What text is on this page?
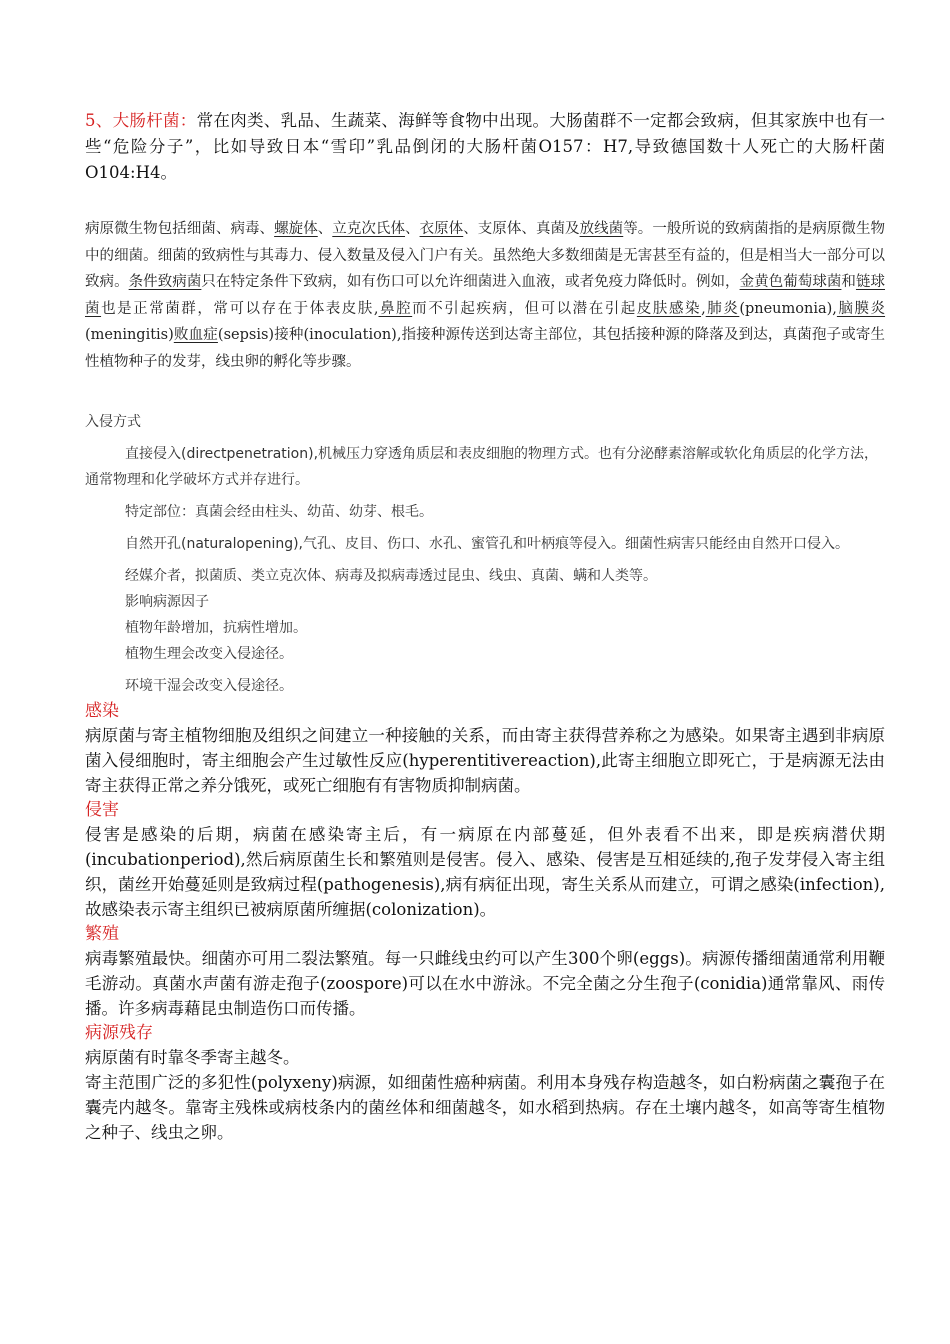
5、大肠杆菌：常在肉类、乳品、生蔬菜、海鲜等食物中出现。大肠菌群不一定都会致病，但其家族中也有一些“危险分子”，比如导致日本“雪印”乳品倒闭的大肠杆菌O157：H7,导致德国数十人死亡的大肠杆菌O104:H4。

病原微生物包括细菌、病毒、螺旋体、立克次氏体、衣原体、支原体、真菌及放线菌等。一般所说的致病菌指的是病原微生物中的细菌。细菌的致病性与其毒力、侵入数量及侵入门户有关。虽然绝大多数细菌是无害甚至有益的，但是相当大一部分可以致病。条件致病菌只在特定条件下致病，如有伤口可以允许细菌进入血液，或者免疫力降低时。例如，金黄色葡萄球菌和链球菌也是正常菌群，常可以存在于体表皮肤,鼻腔而不引起疾病，但可以潜在引起皮肤感染,肺炎(pneumonia),脑膜炎(meningitis)败血症(sepsis)接种(inoculation),指接种源传送到达寄主部位，其包括接种源的降落及到达，真菌孢子或寄生性植物种子的发芽，线虫卵的孵化等步骤。

入侵方式

直接侵入(directpenetration),机械压力穿透角质层和表皮细胞的物理方式。也有分泌酵素溶解或软化角质层的化学方法，通常物理和化学破坏方式并存进行。

特定部位：真菌会经由柱头、幼苗、幼芽、根毛。

自然开孔(naturalopening),气孔、皮目、伤口、水孔、蜜管孔和叶柄痕等侵入。细菌性病害只能经由自然开口侵入。

经媒介者，拟菌质、类立克次体、病毒及拟病毒透过昆虫、线虫、真菌、螨和人类等。

影响病源因子

植物年龄增加，抗病性增加。

植物生理会改变入侵途径。

环境干湿会改变入侵途径。

感染

病原菌与寄主植物细胞及组织之间建立一种接触的关系，而由寄主获得营养称之为感染。如果寄主遇到非病原菌入侵细胞时，寄主细胞会产生过敏性反应(hyperentitivereaction),此寄主细胞立即死亡，于是病源无法由寄主获得正常之养分饿死，或死亡细胞有有害物质抑制病菌。

侵害

侵害是感染的后期，病菌在感染寄主后，有一病原在内部蔓延，但外表看不出来，即是疾病潜伏期(incubationperiod),然后病原菌生长和繁殖则是侵害。侵入、感染、侵害是互相延续的,孢子发芽侵入寄主组织，菌丝开始蔓延则是致病过程(pathogenesis),病有病征出现，寄生关系从而建立，可谓之感染(infection),故感染表示寄主组织已被病原菌所缠据(colonization)。

繁殖

病毒繁殖最快。细菌亦可用二裂法繁殖。每一只雌线虫约可以产生300个卵(eggs)。病源传播细菌通常利用鞭毛游动。真菌水声菌有游走孢子(zoospore)可以在水中游泳。不完全菌之分生孢子(conidia)通常靠风、雨传播。许多病毒藉昆虫制造伤口而传播。

病源残存

病原菌有时靠冬季寄主越冬。

寄主范围广泛的多犯性(polyxeny)病源，如细菌性癌种病菌。利用本身残存构造越冬，如白粉病菌之囊孢子在囊壳内越冬。靠寄主残株或病枝条内的菌丝体和细菌越冬，如水稻到热病。存在土壤内越冬，如高等寄生植物之种子、线虫之卵。
